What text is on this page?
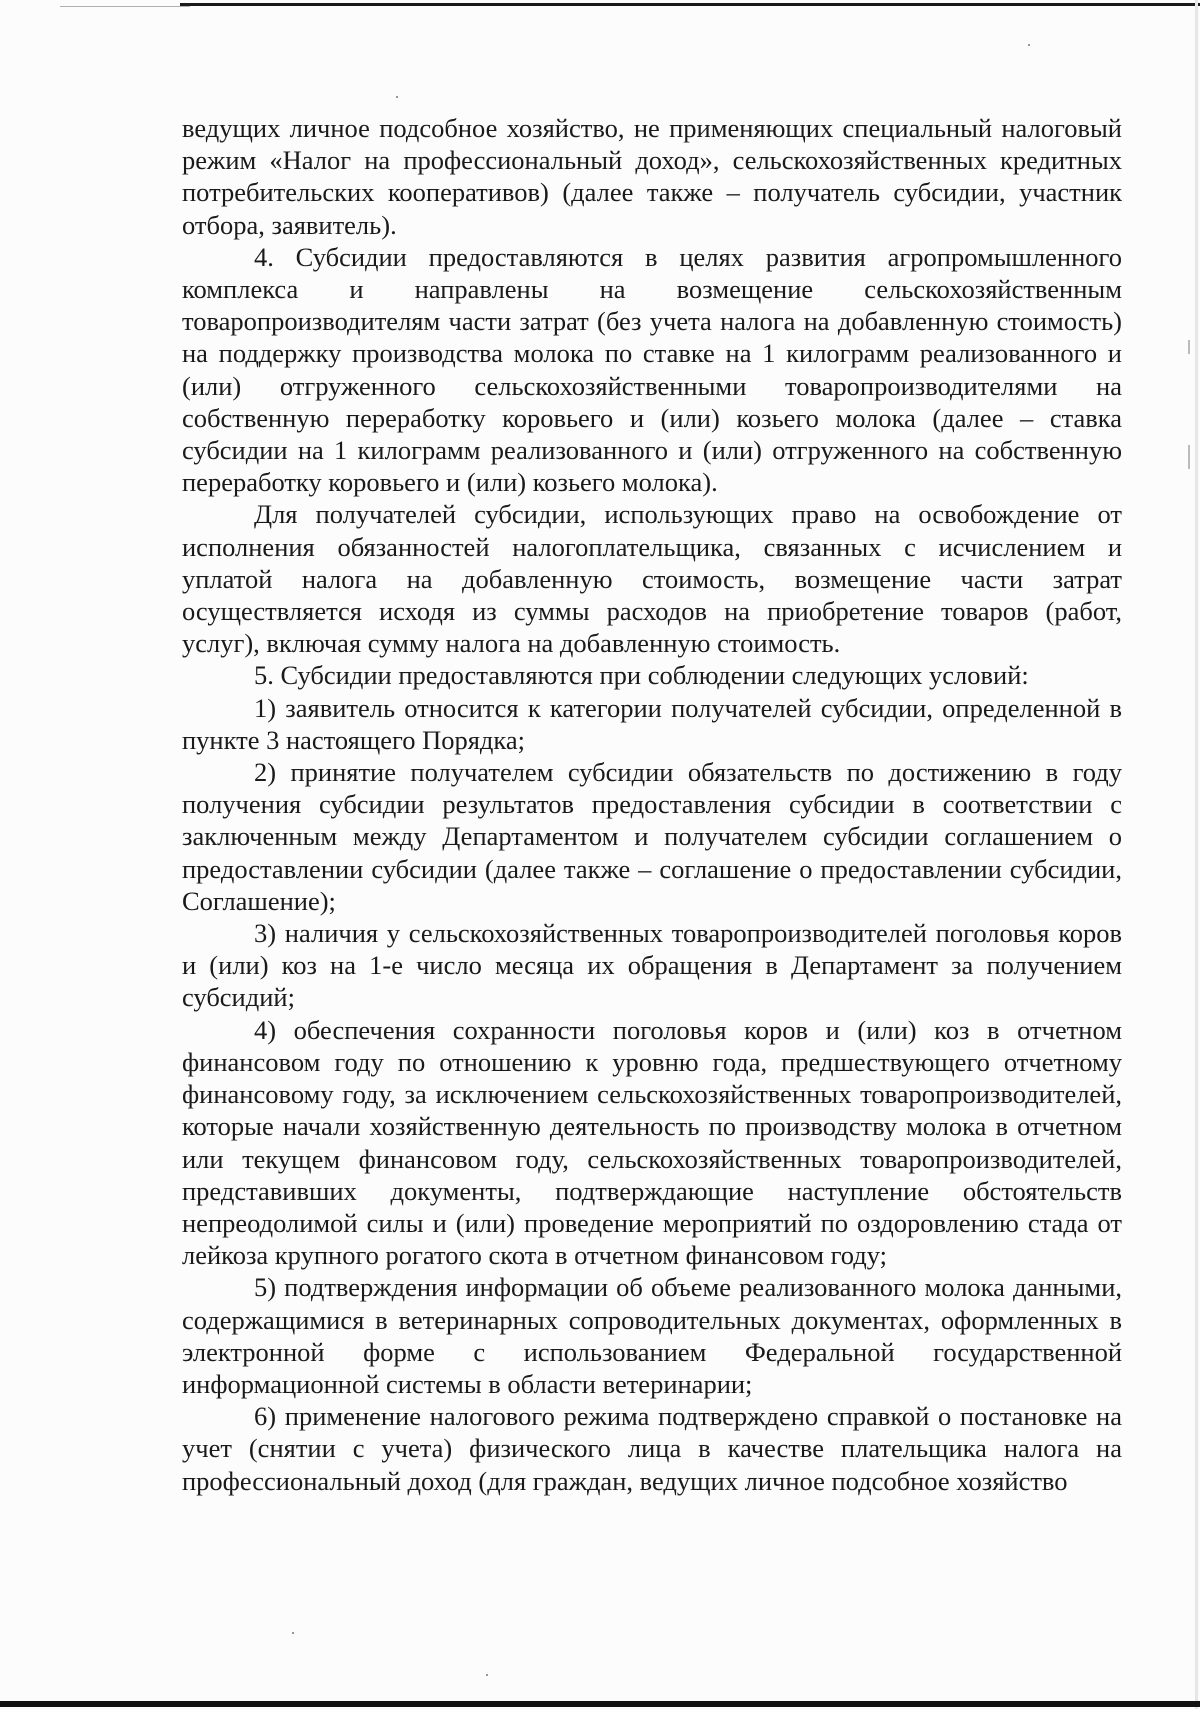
ведущих личное подсобное хозяйство, не применяющих специальный налоговый режим «Налог на профессиональный доход», сельскохозяйственных кредитных потребительских кооперативов) (далее также – получатель субсидии, участник отбора, заявитель).

4. Субсидии предоставляются в целях развития агропромышленного комплекса и направлены на возмещение сельскохозяйственным товаропроизводителям части затрат (без учета налога на добавленную стоимость) на поддержку производства молока по ставке на 1 килограмм реализованного и (или) отгруженного сельскохозяйственными товаропроизводителями на собственную переработку коровьего и (или) козьего молока (далее – ставка субсидии на 1 килограмм реализованного и (или) отгруженного на собственную переработку коровьего и (или) козьего молока).

Для получателей субсидии, использующих право на освобождение от исполнения обязанностей налогоплательщика, связанных с исчислением и уплатой налога на добавленную стоимость, возмещение части затрат осуществляется исходя из суммы расходов на приобретение товаров (работ, услуг), включая сумму налога на добавленную стоимость.

5. Субсидии предоставляются при соблюдении следующих условий:

1) заявитель относится к категории получателей субсидии, определенной в пункте 3 настоящего Порядка;

2) принятие получателем субсидии обязательств по достижению в году получения субсидии результатов предоставления субсидии в соответствии с заключенным между Департаментом и получателем субсидии соглашением о предоставлении субсидии (далее также – соглашение о предоставлении субсидии, Соглашение);

3) наличия у сельскохозяйственных товаропроизводителей поголовья коров и (или) коз на 1-е число месяца их обращения в Департамент за получением субсидий;

4) обеспечения сохранности поголовья коров и (или) коз в отчетном финансовом году по отношению к уровню года, предшествующего отчетному финансовому году, за исключением сельскохозяйственных товаропроизводителей, которые начали хозяйственную деятельность по производству молока в отчетном или текущем финансовом году, сельскохозяйственных товаропроизводителей, представивших документы, подтверждающие наступление обстоятельств непреодолимой силы и (или) проведение мероприятий по оздоровлению стада от лейкоза крупного рогатого скота в отчетном финансовом году;

5) подтверждения информации об объеме реализованного молока данными, содержащимися в ветеринарных сопроводительных документах, оформленных в электронной форме с использованием Федеральной государственной информационной системы в области ветеринарии;

6) применение налогового режима подтверждено справкой о постановке на учет (снятии с учета) физического лица в качестве плательщика налога на профессиональный доход (для граждан, ведущих личное подсобное хозяйство
